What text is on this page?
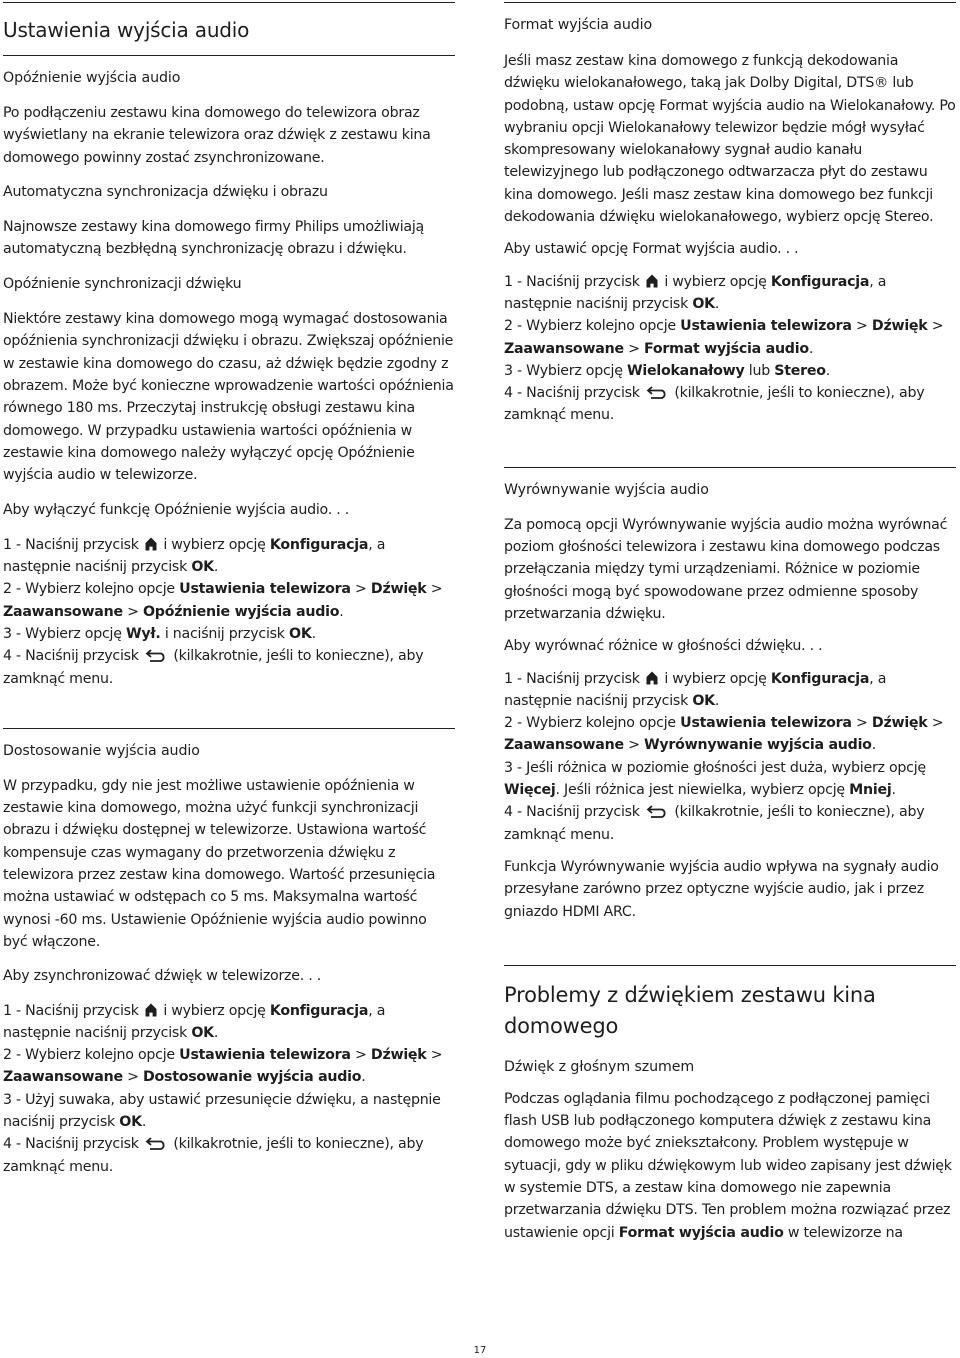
Ustawienia wyjścia audio
Opóźnienie wyjścia audio

Po podłączeniu zestawu kina domowego do telewizora obraz wyświetlany na ekranie telewizora oraz dźwięk z zestawu kina domowego powinny zostać zsynchronizowane.

Automatyczna synchronizacja dźwięku i obrazu

Najnowsze zestawy kina domowego firmy Philips umożliwiają automatyczną bezbłędną synchronizację obrazu i dźwięku.

Opóźnienie synchronizacji dźwięku

Niektóre zestawy kina domowego mogą wymagać dostosowania opóźnienia synchronizacji dźwięku i obrazu. Zwiększaj opóźnienie w zestawie kina domowego do czasu, aż dźwięk będzie zgodny z obrazem. Może być konieczne wprowadzenie wartości opóźnienia równego 180 ms. Przeczytaj instrukcję obsługi zestawu kina domowego. W przypadku ustawienia wartości opóźnienia w zestawie kina domowego należy wyłączyć opcję Opóźnienie wyjścia audio w telewizorze.

Aby wyłączyć funkcję Opóźnienie wyjścia audio. . .

1 - Naciśnij przycisk i wybierz opcję Konfiguracja, a następnie naciśnij przycisk OK.

2 - Wybierz kolejno opcje Ustawienia telewizora > Dźwięk > Zaawansowane > Opóźnienie wyjścia audio.

3 - Wybierz opcję Wył. i naciśnij przycisk OK.

4 - Naciśnij przycisk (kilkakrotnie, jeśli to konieczne), aby zamknąć menu.

Dostosowanie wyjścia audio

W przypadku, gdy nie jest możliwe ustawienie opóźnienia w zestawie kina domowego, można użyć funkcji synchronizacji obrazu i dźwięku dostępnej w telewizorze. Ustawiona wartość kompensuje czas wymagany do przetworzenia dźwięku z telewizora przez zestaw kina domowego. Wartość przesunięcia można ustawiać w odstępach co 5 ms. Maksymalna wartość wynosi -60 ms. Ustawienie Opóźnienie wyjścia audio powinno być włączone.

Aby zsynchronizować dźwięk w telewizorze. . .

1 - Naciśnij przycisk i wybierz opcję Konfiguracja, a następnie naciśnij przycisk OK.

2 - Wybierz kolejno opcje Ustawienia telewizora > Dźwięk > Zaawansowane > Dostosowanie wyjścia audio.

3 - Użyj suwaka, aby ustawić przesunięcie dźwięku, a następnie naciśnij przycisk OK.

4 - Naciśnij przycisk (kilkakrotnie, jeśli to konieczne), aby zamknąć menu.

Format wyjścia audio

Jeśli masz zestaw kina domowego z funkcją dekodowania dźwięku wielokanałowego, taką jak Dolby Digital, DTS® lub podobną, ustaw opcję Format wyjścia audio na Wielokanałowy. Po wybraniu opcji Wielokanałowy telewizor będzie mógł wysyłać skompresowany wielokanałowy sygnał audio kanału telewizyjnego lub podłączonego odtwarzacza płyt do zestawu kina domowego. Jeśli masz zestaw kina domowego bez funkcji dekodowania dźwięku wielokanałowego, wybierz opcję Stereo.

Aby ustawić opcję Format wyjścia audio. . .

1 - Naciśnij przycisk i wybierz opcję Konfiguracja, a następnie naciśnij przycisk OK.

2 - Wybierz kolejno opcje Ustawienia telewizora > Dźwięk > Zaawansowane > Format wyjścia audio.

3 - Wybierz opcję Wielokanałowy lub Stereo.

4 - Naciśnij przycisk (kilkakrotnie, jeśli to konieczne), aby zamknąć menu.

Wyrównywanie wyjścia audio

Za pomocą opcji Wyrównywanie wyjścia audio można wyrównać poziom głośności telewizora i zestawu kina domowego podczas przełączania między tymi urządzeniami. Różnice w poziomie głośności mogą być spowodowane przez odmienne sposoby przetwarzania dźwięku.

Aby wyrównać różnice w głośności dźwięku. . .

1 - Naciśnij przycisk i wybierz opcję Konfiguracja, a następnie naciśnij przycisk OK.

2 - Wybierz kolejno opcje Ustawienia telewizora > Dźwięk > Zaawansowane > Wyrównywanie wyjścia audio.

3 - Jeśli różnica w poziomie głośności jest duża, wybierz opcję Więcej. Jeśli różnica jest niewielka, wybierz opcję Mniej.

4 - Naciśnij przycisk (kilkakrotnie, jeśli to konieczne), aby zamknąć menu.

Funkcja Wyrównywanie wyjścia audio wpływa na sygnały audio przesyłane zarówno przez optyczne wyjście audio, jak i przez gniazdo HDMI ARC.

Problemy z dźwiękiem zestawu kina domowego
Dźwięk z głośnym szumem

Podczas oglądania filmu pochodzącego z podłączonej pamięci flash USB lub podłączonego komputera dźwięk z zestawu kina domowego może być zniekształcony. Problem występuje w sytuacji, gdy w pliku dźwiękowym lub wideo zapisany jest dźwięk w systemie DTS, a zestaw kina domowego nie zapewnia przetwarzania dźwięku DTS. Ten problem można rozwiązać przez ustawienie opcji Format wyjścia audio w telewizorze na

17
